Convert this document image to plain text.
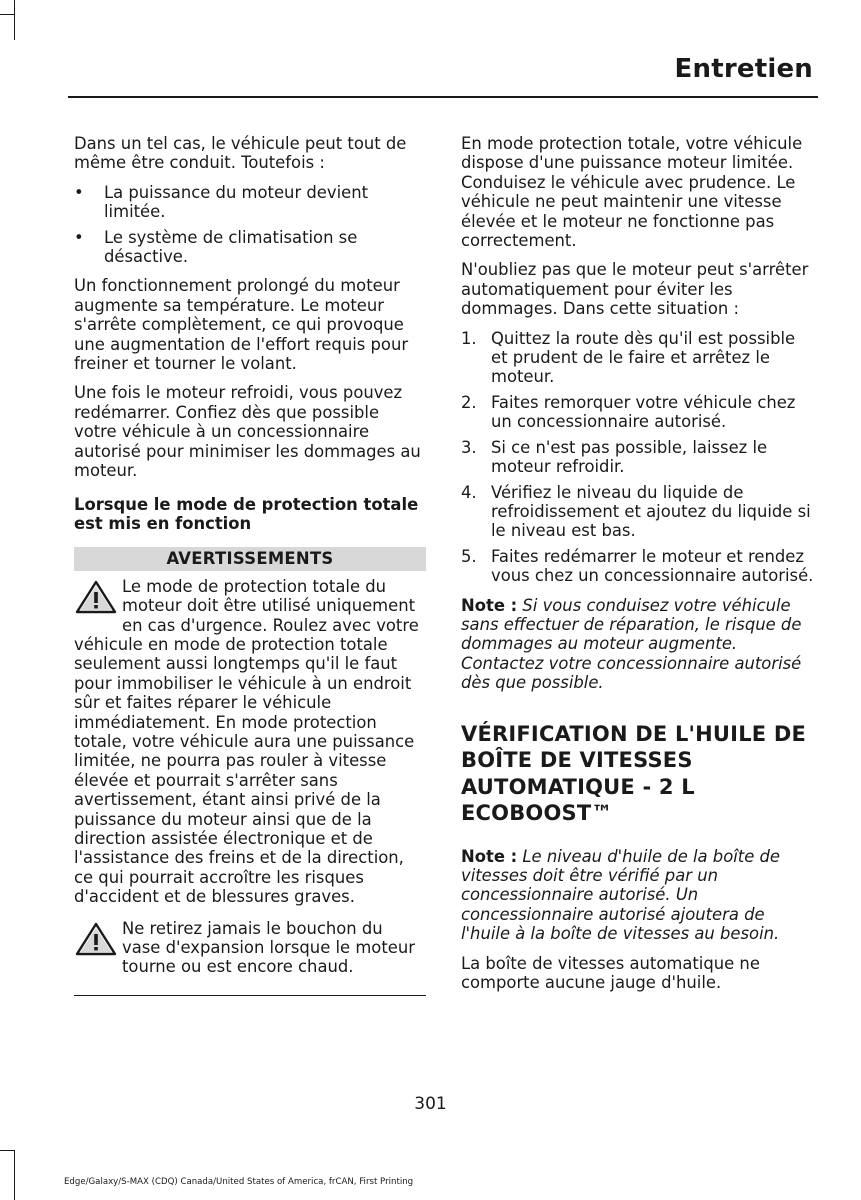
Entretien

Dans un tel cas, le véhicule peut tout de même être conduit. Toutefois :

• La puissance du moteur devient limitée.
• Le système de climatisation se désactive.

Un fonctionnement prolongé du moteur augmente sa température. Le moteur s'arrête complètement, ce qui provoque une augmentation de l'effort requis pour freiner et tourner le volant.

Une fois le moteur refroidi, vous pouvez redémarrer. Confiez dès que possible votre véhicule à un concessionnaire autorisé pour minimiser les dommages au moteur.

Lorsque le mode de protection totale est mis en fonction
AVERTISSEMENTS
Le mode de protection totale du moteur doit être utilisé uniquement en cas d'urgence. Roulez avec votre véhicule en mode de protection totale seulement aussi longtemps qu'il le faut pour immobiliser le véhicule à un endroit sûr et faites réparer le véhicule immédiatement. En mode protection totale, votre véhicule aura une puissance limitée, ne pourra pas rouler à vitesse élevée et pourrait s'arrêter sans avertissement, étant ainsi privé de la puissance du moteur ainsi que de la direction assistée électronique et de l'assistance des freins et de la direction, ce qui pourrait accroître les risques d'accident et de blessures graves.
Ne retirez jamais le bouchon du vase d'expansion lorsque le moteur tourne ou est encore chaud.

En mode protection totale, votre véhicule dispose d'une puissance moteur limitée. Conduisez le véhicule avec prudence. Le véhicule ne peut maintenir une vitesse élevée et le moteur ne fonctionne pas correctement.

N'oubliez pas que le moteur peut s'arrêter automatiquement pour éviter les dommages. Dans cette situation :

1. Quittez la route dès qu'il est possible et prudent de le faire et arrêtez le moteur.
2. Faites remorquer votre véhicule chez un concessionnaire autorisé.
3. Si ce n'est pas possible, laissez le moteur refroidir.
4. Vérifiez le niveau du liquide de refroidissement et ajoutez du liquide si le niveau est bas.
5. Faites redémarrer le moteur et rendez vous chez un concessionnaire autorisé.

Note : Si vous conduisez votre véhicule sans effectuer de réparation, le risque de dommages au moteur augmente. Contactez votre concessionnaire autorisé dès que possible.

VÉRIFICATION DE L'HUILE DE BOÎTE DE VITESSES AUTOMATIQUE - 2 L ECOBOOST™

Note : Le niveau d'huile de la boîte de vitesses doit être vérifié par un concessionnaire autorisé. Un concessionnaire autorisé ajoutera de l'huile à la boîte de vitesses au besoin.

La boîte de vitesses automatique ne comporte aucune jauge d'huile.

301
Edge/Galaxy/S-MAX (CDQ) Canada/United States of America, frCAN, First Printing
